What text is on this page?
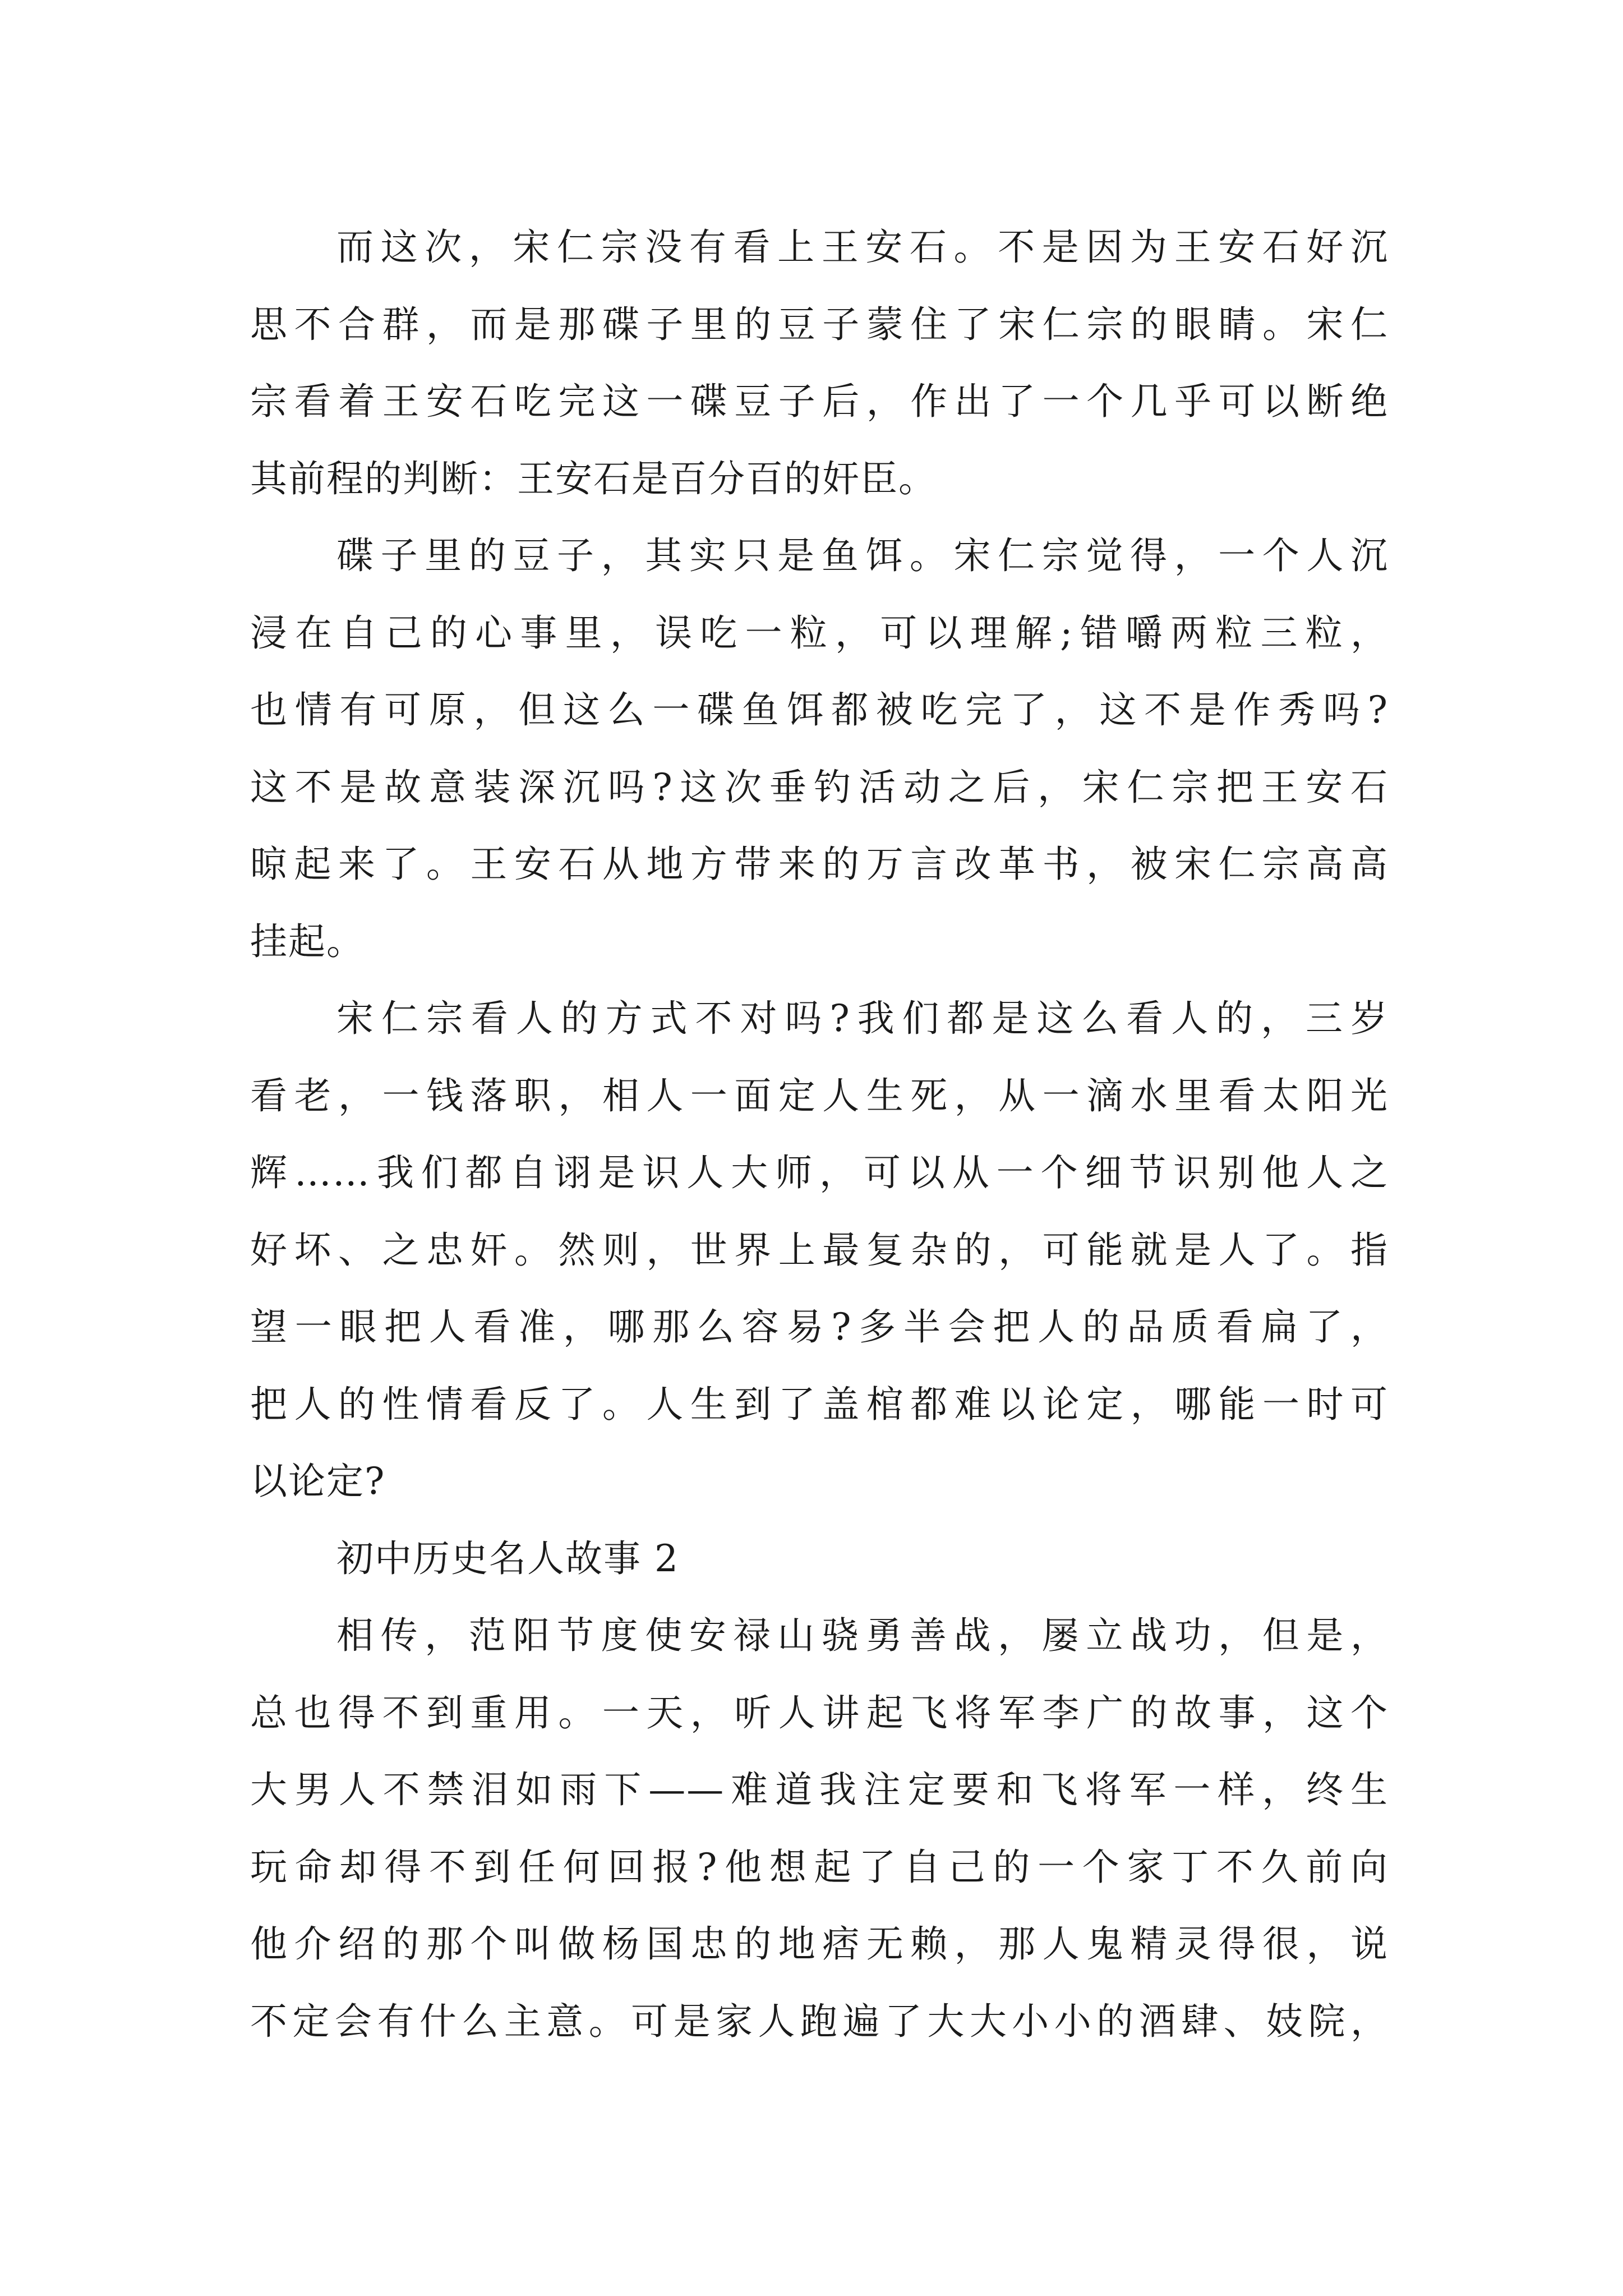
而这次，宋仁宗没有看上王安石。不是因为王安石好沉
思不合群，而是那碟子里的豆子蒙住了宋仁宗的眼睛。宋仁
宗看着王安石吃完这一碟豆子后，作出了一个几乎可以断绝
其前程的判断：王安石是百分百的奸臣。
碟子里的豆子，其实只是鱼饵。宋仁宗觉得，一个人沉
浸在自己的心事里，误吃一粒，可以理解;错嚼两粒三粒，
也情有可原，但这么一碟鱼饵都被吃完了，这不是作秀吗?
这不是故意装深沉吗?这次垂钓活动之后，宋仁宗把王安石
晾起来了。王安石从地方带来的万言改革书，被宋仁宗高高
挂起。
宋仁宗看人的方式不对吗?我们都是这么看人的，三岁
看老，一钱落职，相人一面定人生死，从一滴水里看太阳光
辉……我们都自诩是识人大师，可以从一个细节识别他人之
好坏、之忠奸。然则，世界上最复杂的，可能就是人了。指
望一眼把人看准，哪那么容易?多半会把人的品质看扁了，
把人的性情看反了。人生到了盖棺都难以论定，哪能一时可
以论定?
初中历史名人故事 2
相传，范阳节度使安禄山骁勇善战，屡立战功，但是，
总也得不到重用。一天，听人讲起飞将军李广的故事，这个
大男人不禁泪如雨下——难道我注定要和飞将军一样，终生
玩命却得不到任何回报?他想起了自己的一个家丁不久前向
他介绍的那个叫做杨国忠的地痞无赖，那人鬼精灵得很，说
不定会有什么主意。可是家人跑遍了大大小小的酒肆、妓院，
